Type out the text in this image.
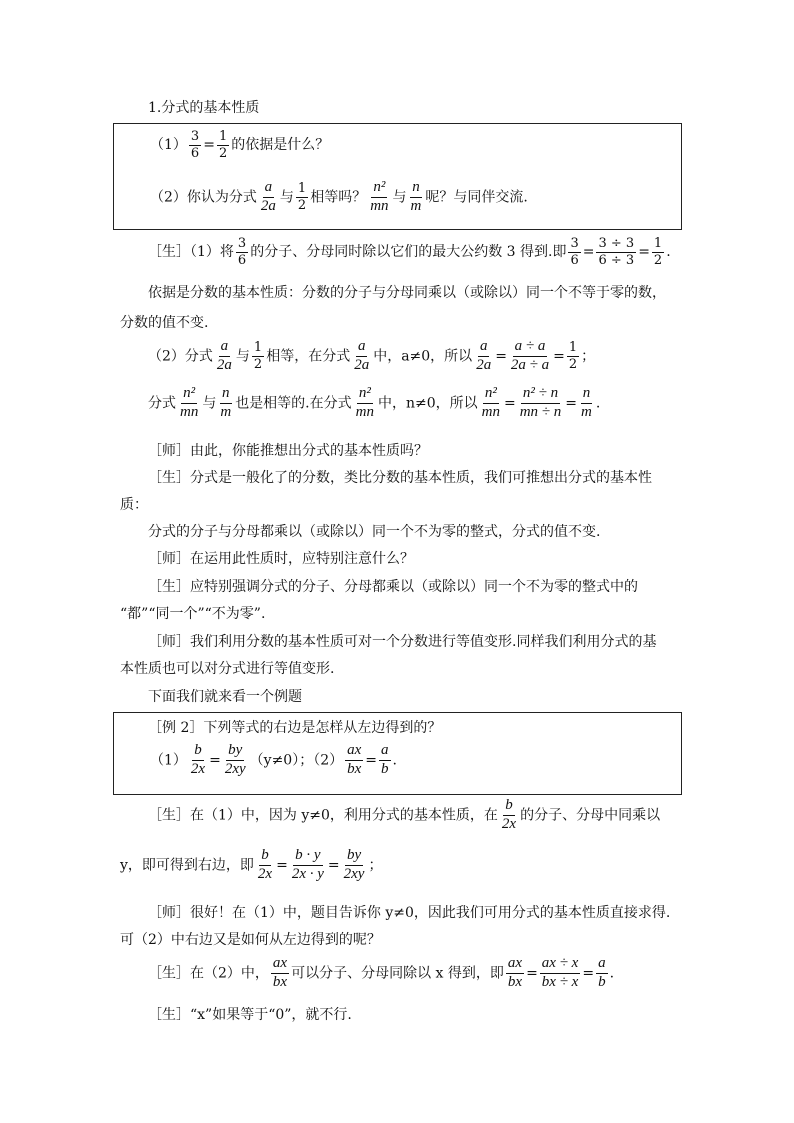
1.分式的基本性质
$(1) \frac{3}{6} = \frac{1}{2}$ 的依据是什么？
（2）你认为分式 $\frac{a}{2a}$ 与 $\frac{1}{2}$ 相等吗？ $\frac{\text{n²}}{mn}$ 与 $\frac{n}{m}$ 呢？与同伴交流.
［生］（1）将 $\frac{3}{6}$ 的分子、分母同时除以它们的最大公约数 3 得到.即 $\frac{3}{6} = \frac{3 \div 3}{6 \div 3} = \frac{1}{2}$ .
依据是分数的基本性质：分数的分子与分母同乘以（或除以）同一个不等于零的数，
分数的值不变.
（2）分式 $\frac{a}{2a}$ 与 $\frac{1}{2}$ 相等，在分式 $\frac{a}{2a}$ 中，a≠0，所以 $\frac{a}{2a} = \frac{a \div a}{2a \div a} = \frac{1}{2}$ ；
分式 $\frac{\text{n²}}{mn}$ 与 $\frac{n}{m}$ 也是相等的.在分式 $\frac{\text{n²}}{mn}$ 中，n≠0，所以 $\frac{\text{n²}}{mn} = \frac{\text{n² ÷ n}}{mn \div n} = \frac{n}{m}$ .
［师］由此，你能推想出分式的基本性质吗？
［生］分式是一般化了的分数，类比分数的基本性质，我们可推想出分式的基本性
质：
分式的分子与分母都乘以（或除以）同一个不为零的整式，分式的值不变.
［师］在运用此性质时，应特别注意什么？
［生］应特别强调分式的分子、分母都乘以（或除以）同一个不为零的整式中的
“都”“同一个”“不为零”.
［师］我们利用分数的基本性质可对一个分数进行等值变形.同样我们利用分式的基
本性质也可以对分式进行等值变形.
下面我们就来看一个例题
［例 2］下列等式的右边是怎样从左边得到的？
$(1) \frac{b}{2x} = \frac{by}{2xy} (y\ne 0)$；$(2) \frac{ax}{bx} = \frac{a}{b}$ .
［生］在（1）中，因为 y≠0，利用分式的基本性质，在 $\frac{b}{2x}$ 的分子、分母中同乘以
y，即可得到右边，即 $\frac{b}{2x} = \frac{b \cdot y}{2x \cdot y} = \frac{by}{2xy}$ ；
［师］很好！在（1）中，题目告诉你 y≠0，因此我们可用分式的基本性质直接求得.
可（2）中右边又是如何从左边得到的呢？
［生］在（2）中， $\frac{ax}{bx}$ 可以分子、分母同除以 x 得到，即 $\frac{ax}{bx} = \frac{ax \div x}{bx \div x} = \frac{a}{b}$ .
［生］“x”如果等于“0”，就不行.
